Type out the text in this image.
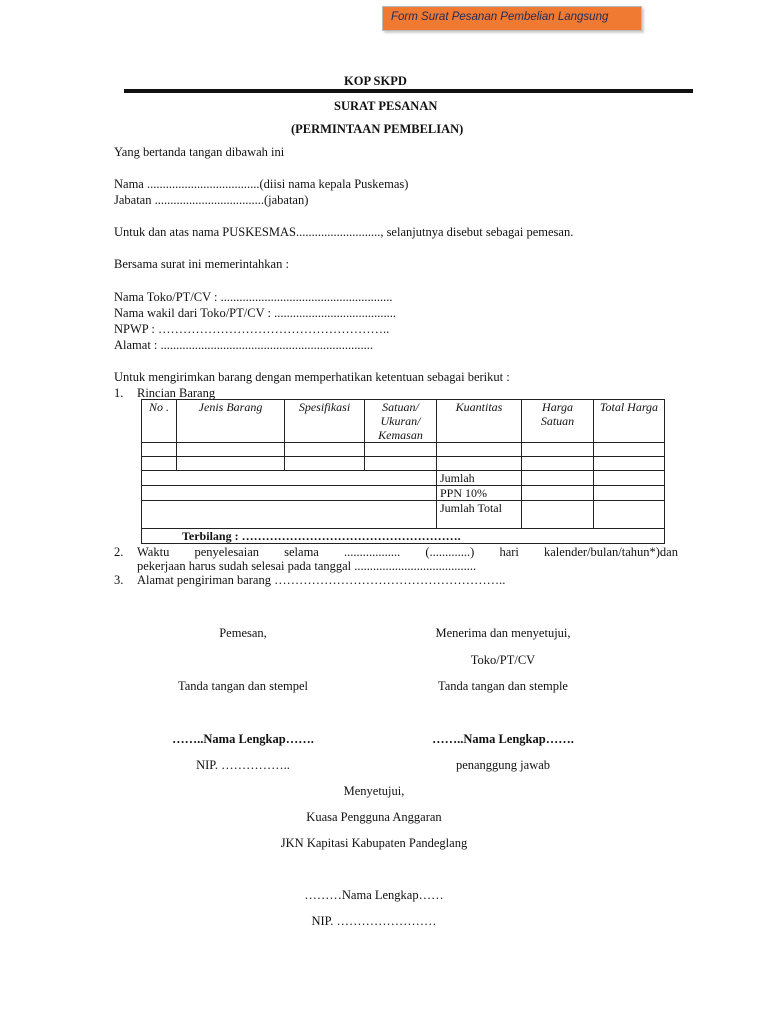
Form Surat Pesanan Pembelian Langsung
KOP SKPD
SURAT PESANAN
(PERMINTAAN PEMBELIAN)
Yang bertanda tangan dibawah ini
Nama ....................................(diisi nama kepala Puskemas)
Jabatan ...................................(jabatan)
Untuk dan atas nama PUSKESMAS..........................., selanjutnya disebut sebagai pemesan.
Bersama surat ini memerintahkan :
Nama Toko/PT/CV : .......................................................
Nama wakil dari Toko/PT/CV : .......................................
NPWP : ………………………………………………..
Alamat : ....................................................................
Untuk mengirimkan barang dengan memperhatikan ketentuan sebagai berikut :
1. Rincian Barang
No .	Jenis Barang	Spesifikasi	Satuan/ Ukuran/ Kemasan	Kuantitas	Harga Satuan	Total Harga

				Jumlah		
				PPN 10%		
				Jumlah Total		
Terbilang : ……………………………………………….						
2. Waktu penyelesaian selama .................. (.............) hari kalender/bulan/tahun*)dan
pekerjaan harus sudah selesai pada tanggal .......................................
3. Alamat pengiriman barang ………………………………………………..
Pemesan,	Menerima dan menyetujui,
Toko/PT/CV
Tanda tangan dan stempel	Tanda tangan dan stemple
……..Nama Lengkap…….	……..Nama Lengkap…….
NIP. ……………..	penanggung jawab
Menyetujui,
Kuasa Pengguna Anggaran
JKN Kapitasi Kabupaten Pandeglang
………Nama Lengkap……
NIP. ……………………
